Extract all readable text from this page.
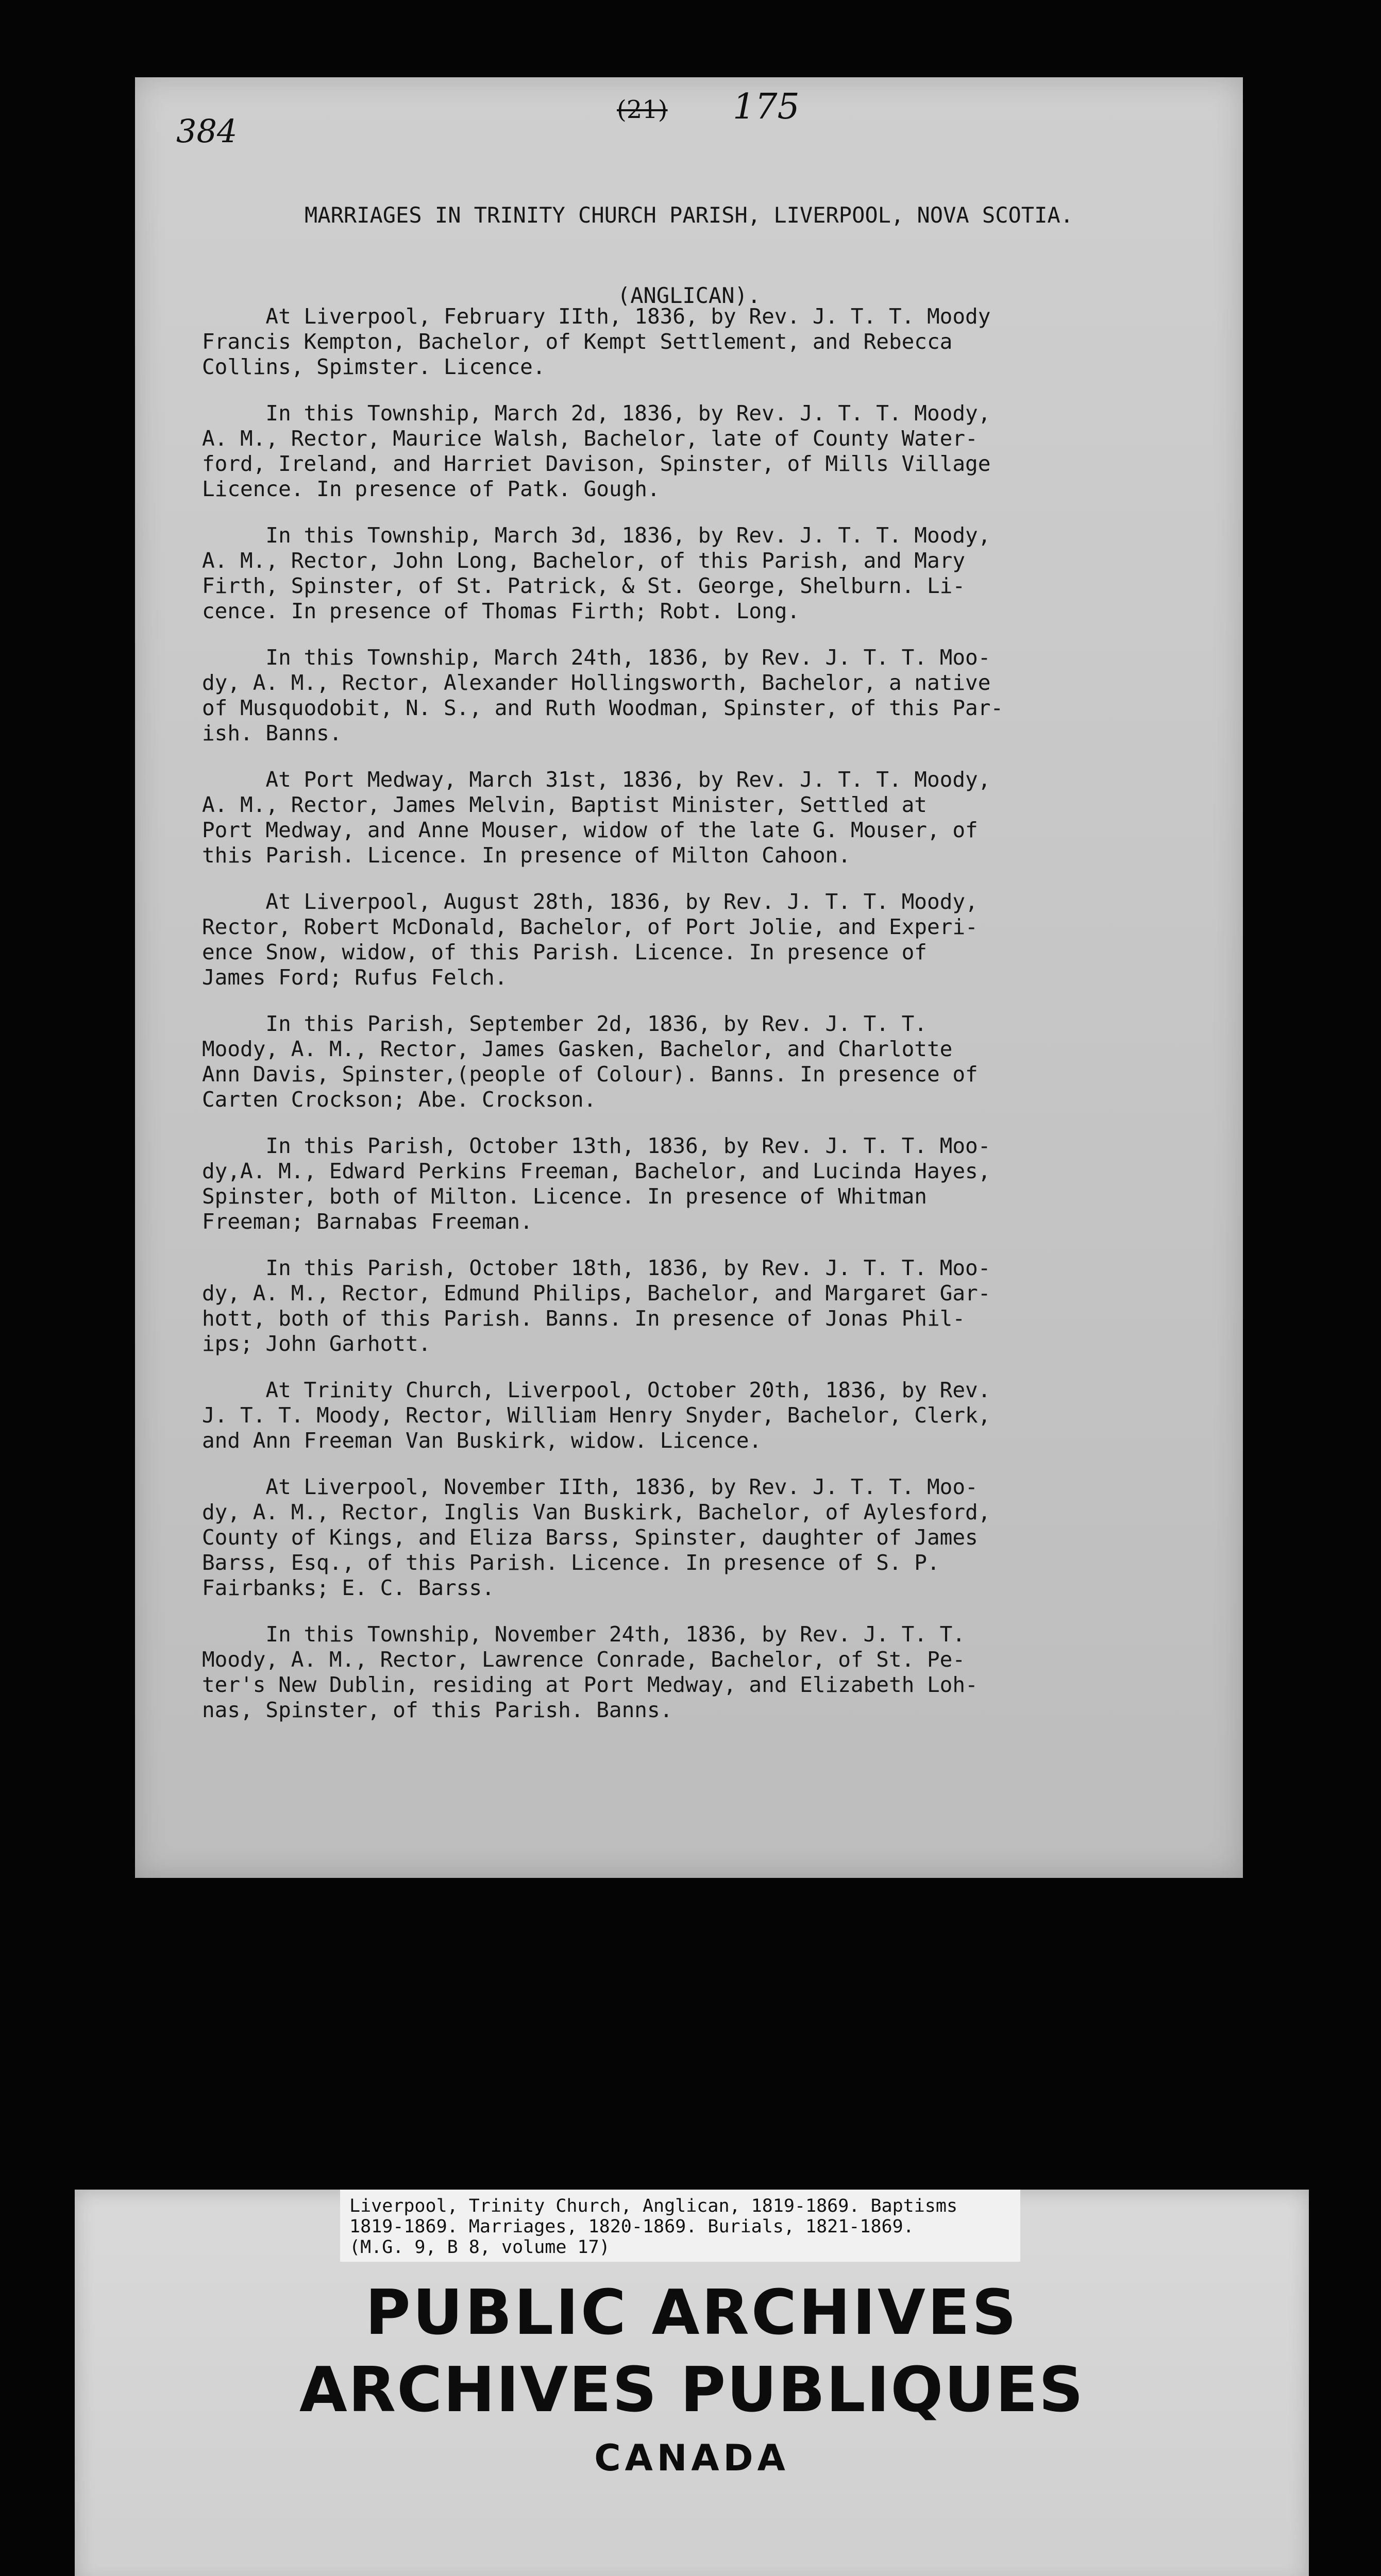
384
(21) 175

MARRIAGES IN TRINITY CHURCH PARISH, LIVERPOOL, NOVA SCOTIA.

(ANGLICAN).

At Liverpool, February IIth, 1836, by Rev. J. T. T. Moody
Francis Kempton, Bachelor, of Kempt Settlement, and Rebecca
Collins, Spimster. Licence.
In this Township, March 2d, 1836, by Rev. J. T. T. Moody,
A. M., Rector, Maurice Walsh, Bachelor, late of County Water-
ford, Ireland, and Harriet Davison, Spinster, of Mills Village
Licence. In presence of Patk. Gough.
In this Township, March 3d, 1836, by Rev. J. T. T. Moody,
A. M., Rector, John Long, Bachelor, of this Parish, and Mary
Firth, Spinster, of St. Patrick, & St. George, Shelburn. Li-
cence. In presence of Thomas Firth; Robt. Long.
In this Township, March 24th, 1836, by Rev. J. T. T. Moo-
dy, A. M., Rector, Alexander Hollingsworth, Bachelor, a native
of Musquodobit, N. S., and Ruth Woodman, Spinster, of this Par-
ish. Banns.
At Port Medway, March 31st, 1836, by Rev. J. T. T. Moody,
A. M., Rector, James Melvin, Baptist Minister, Settled at
Port Medway, and Anne Mouser, widow of the late G. Mouser, of
this Parish. Licence. In presence of Milton Cahoon.
At Liverpool, August 28th, 1836, by Rev. J. T. T. Moody,
Rector, Robert McDonald, Bachelor, of Port Jolie, and Experi-
ence Snow, widow, of this Parish. Licence. In presence of
James Ford; Rufus Felch.
In this Parish, September 2d, 1836, by Rev. J. T. T.
Moody, A. M., Rector, James Gasken, Bachelor, and Charlotte
Ann Davis, Spinster,(people of Colour). Banns. In presence of
Carten Crockson; Abe. Crockson.
In this Parish, October 13th, 1836, by Rev. J. T. T. Moo-
dy,A. M., Edward Perkins Freeman, Bachelor, and Lucinda Hayes,
Spinster, both of Milton. Licence. In presence of Whitman
Freeman; Barnabas Freeman.
In this Parish, October 18th, 1836, by Rev. J. T. T. Moo-
dy, A. M., Rector, Edmund Philips, Bachelor, and Margaret Gar-
hott, both of this Parish. Banns. In presence of Jonas Phil-
ips; John Garhott.
At Trinity Church, Liverpool, October 20th, 1836, by Rev.
J. T. T. Moody, Rector, William Henry Snyder, Bachelor, Clerk,
and Ann Freeman Van Buskirk, widow. Licence.
At Liverpool, November IIth, 1836, by Rev. J. T. T. Moo-
dy, A. M., Rector, Inglis Van Buskirk, Bachelor, of Aylesford,
County of Kings, and Eliza Barss, Spinster, daughter of James
Barss, Esq., of this Parish. Licence. In presence of S. P.
Fairbanks; E. C. Barss.
In this Township, November 24th, 1836, by Rev. J. T. T.
Moody, A. M., Rector, Lawrence Conrade, Bachelor, of St. Pe-
ter's New Dublin, residing at Port Medway, and Elizabeth Loh-
nas, Spinster, of this Parish. Banns.
Liverpool, Trinity Church, Anglican, 1819-1869. Baptisms
1819-1869. Marriages, 1820-1869. Burials, 1821-1869.
(M.G. 9, B 8, volume 17)
PUBLIC ARCHIVES
ARCHIVES PUBLIQUES
CANADA
